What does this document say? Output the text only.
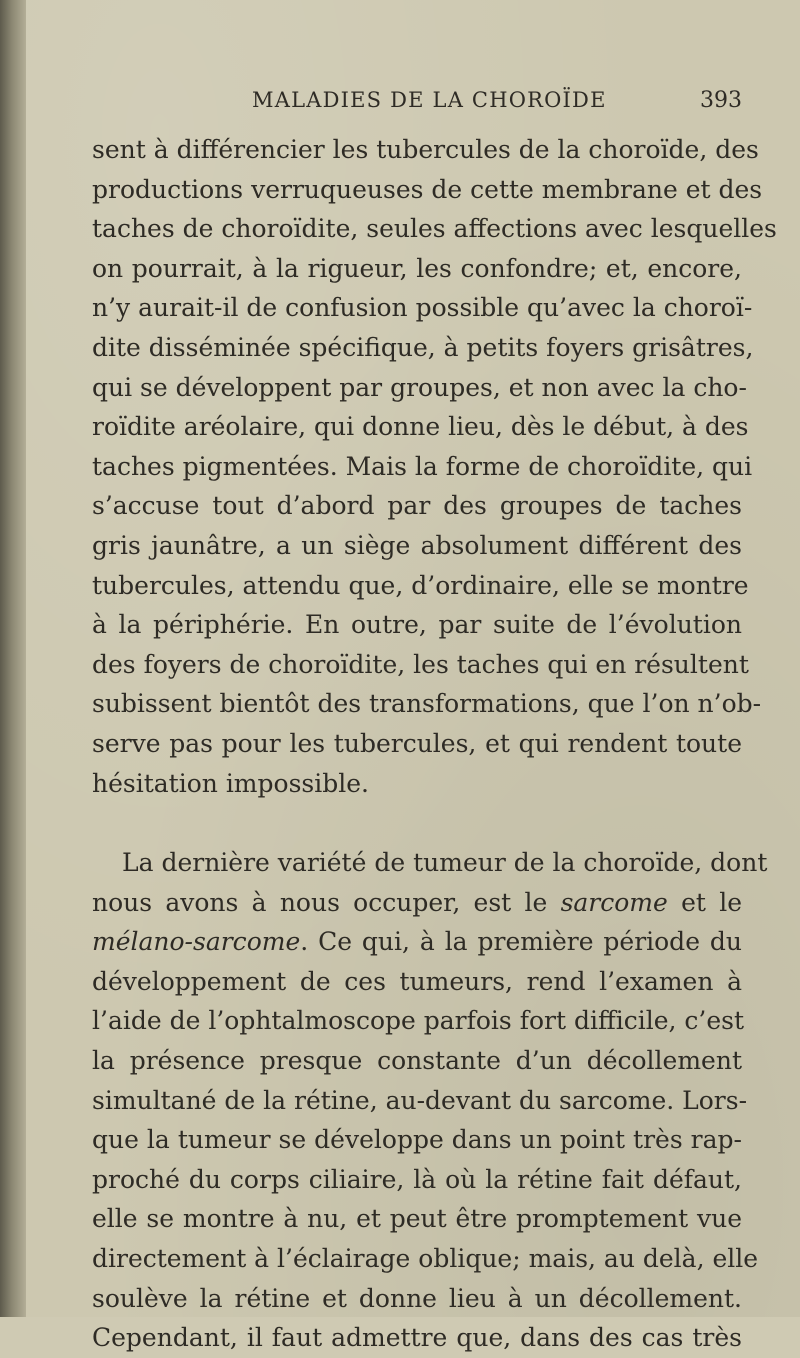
MALADIES DE LA CHOROÏDE	393
sent à différencier les tubercules de la choroïde, des
productions verruqueuses de cette membrane et des
taches de choroïdite, seules affections avec lesquelles
on pourrait, à la rigueur, les confondre; et, encore,
n’y aurait-il de confusion possible qu’avec la choroï-
dite disséminée spécifique, à petits foyers grisâtres,
qui se développent par groupes, et non avec la cho-
roïdite aréolaire, qui donne lieu, dès le début, à des
taches pigmentées. Mais la forme de choroïdite, qui
s’accuse tout d’abord par des groupes de taches
gris jaunâtre, a un siège absolument différent des
tubercules, attendu que, d’ordinaire, elle se montre
à la périphérie. En outre, par suite de l’évolution
des foyers de choroïdite, les taches qui en résultent
subissent bientôt des transformations, que l’on n’ob-
serve pas pour les tubercules, et qui rendent toute
hésitation impossible.
La dernière variété de tumeur de la choroïde, dont
nous avons à nous occuper, est le sarcome et le
mélano-sarcome. Ce qui, à la première période du
développement de ces tumeurs, rend l’examen à
l’aide de l’ophtalmoscope parfois fort difficile, c’est
la présence presque constante d’un décollement
simultané de la rétine, au-devant du sarcome. Lors-
que la tumeur se développe dans un point très rap-
proché du corps ciliaire, là où la rétine fait défaut,
elle se montre à nu, et peut être promptement vue
directement à l’éclairage oblique; mais, au delà, elle
soulève la rétine et donne lieu à un décollement.
Cependant, il faut admettre que, dans des cas très
